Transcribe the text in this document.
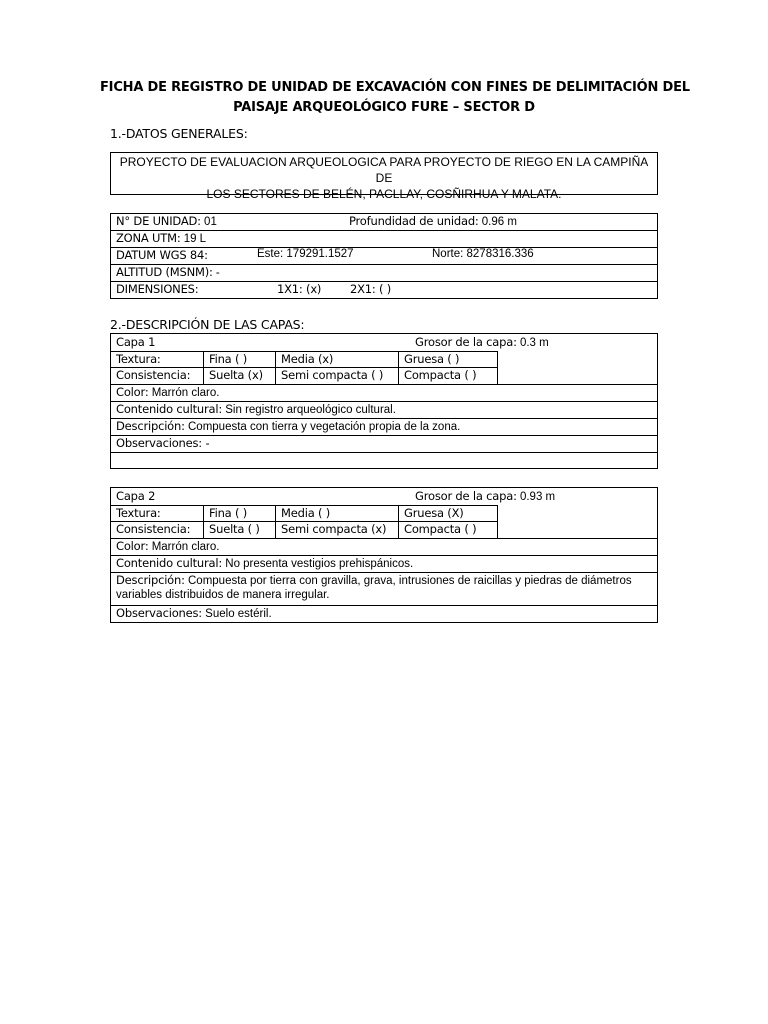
FICHA DE REGISTRO DE UNIDAD DE EXCAVACIÓN CON FINES DE DELIMITACIÓN DEL
PAISAJE ARQUEOLÓGICO FURE – SECTOR D
1.-DATOS GENERALES:
PROYECTO DE EVALUACION ARQUEOLOGICA PARA PROYECTO DE RIEGO EN LA CAMPIÑA DE
LOS SECTORES DE BELÉN, PACLLAY, COSÑIRHUA Y MALATA.
N° DE UNIDAD: 01	Profundidad de unidad: 0.96 m
ZONA UTM: 19 L
DATUM WGS 84:	Este: 179291.1527	Norte: 8278316.336
ALTITUD (MSNM): -
DIMENSIONES:	1X1: (x)	2X1: ( )
2.-DESCRIPCIÓN DE LAS CAPAS:
Capa 1	Grosor de la capa: 0.3 m
Textura:	Fina ( )	Media (x)	Gruesa ( )
Consistencia:	Suelta (x)	Semi compacta ( )	Compacta ( )
Color: Marrón claro.
Contenido cultural: Sin registro arqueológico cultural.
Descripción: Compuesta con tierra y vegetación propia de la zona.
Observaciones: -
Capa 2	Grosor de la capa: 0.93 m
Textura:	Fina ( )	Media ( )	Gruesa (X)
Consistencia:	Suelta ( )	Semi compacta (x)	Compacta ( )
Color: Marrón claro.
Contenido cultural: No presenta vestigios prehispánicos.
Descripción: Compuesta por tierra con gravilla, grava, intrusiones de raicillas y piedras de diámetros
variables distribuidos de manera irregular.
Observaciones: Suelo estéril.
